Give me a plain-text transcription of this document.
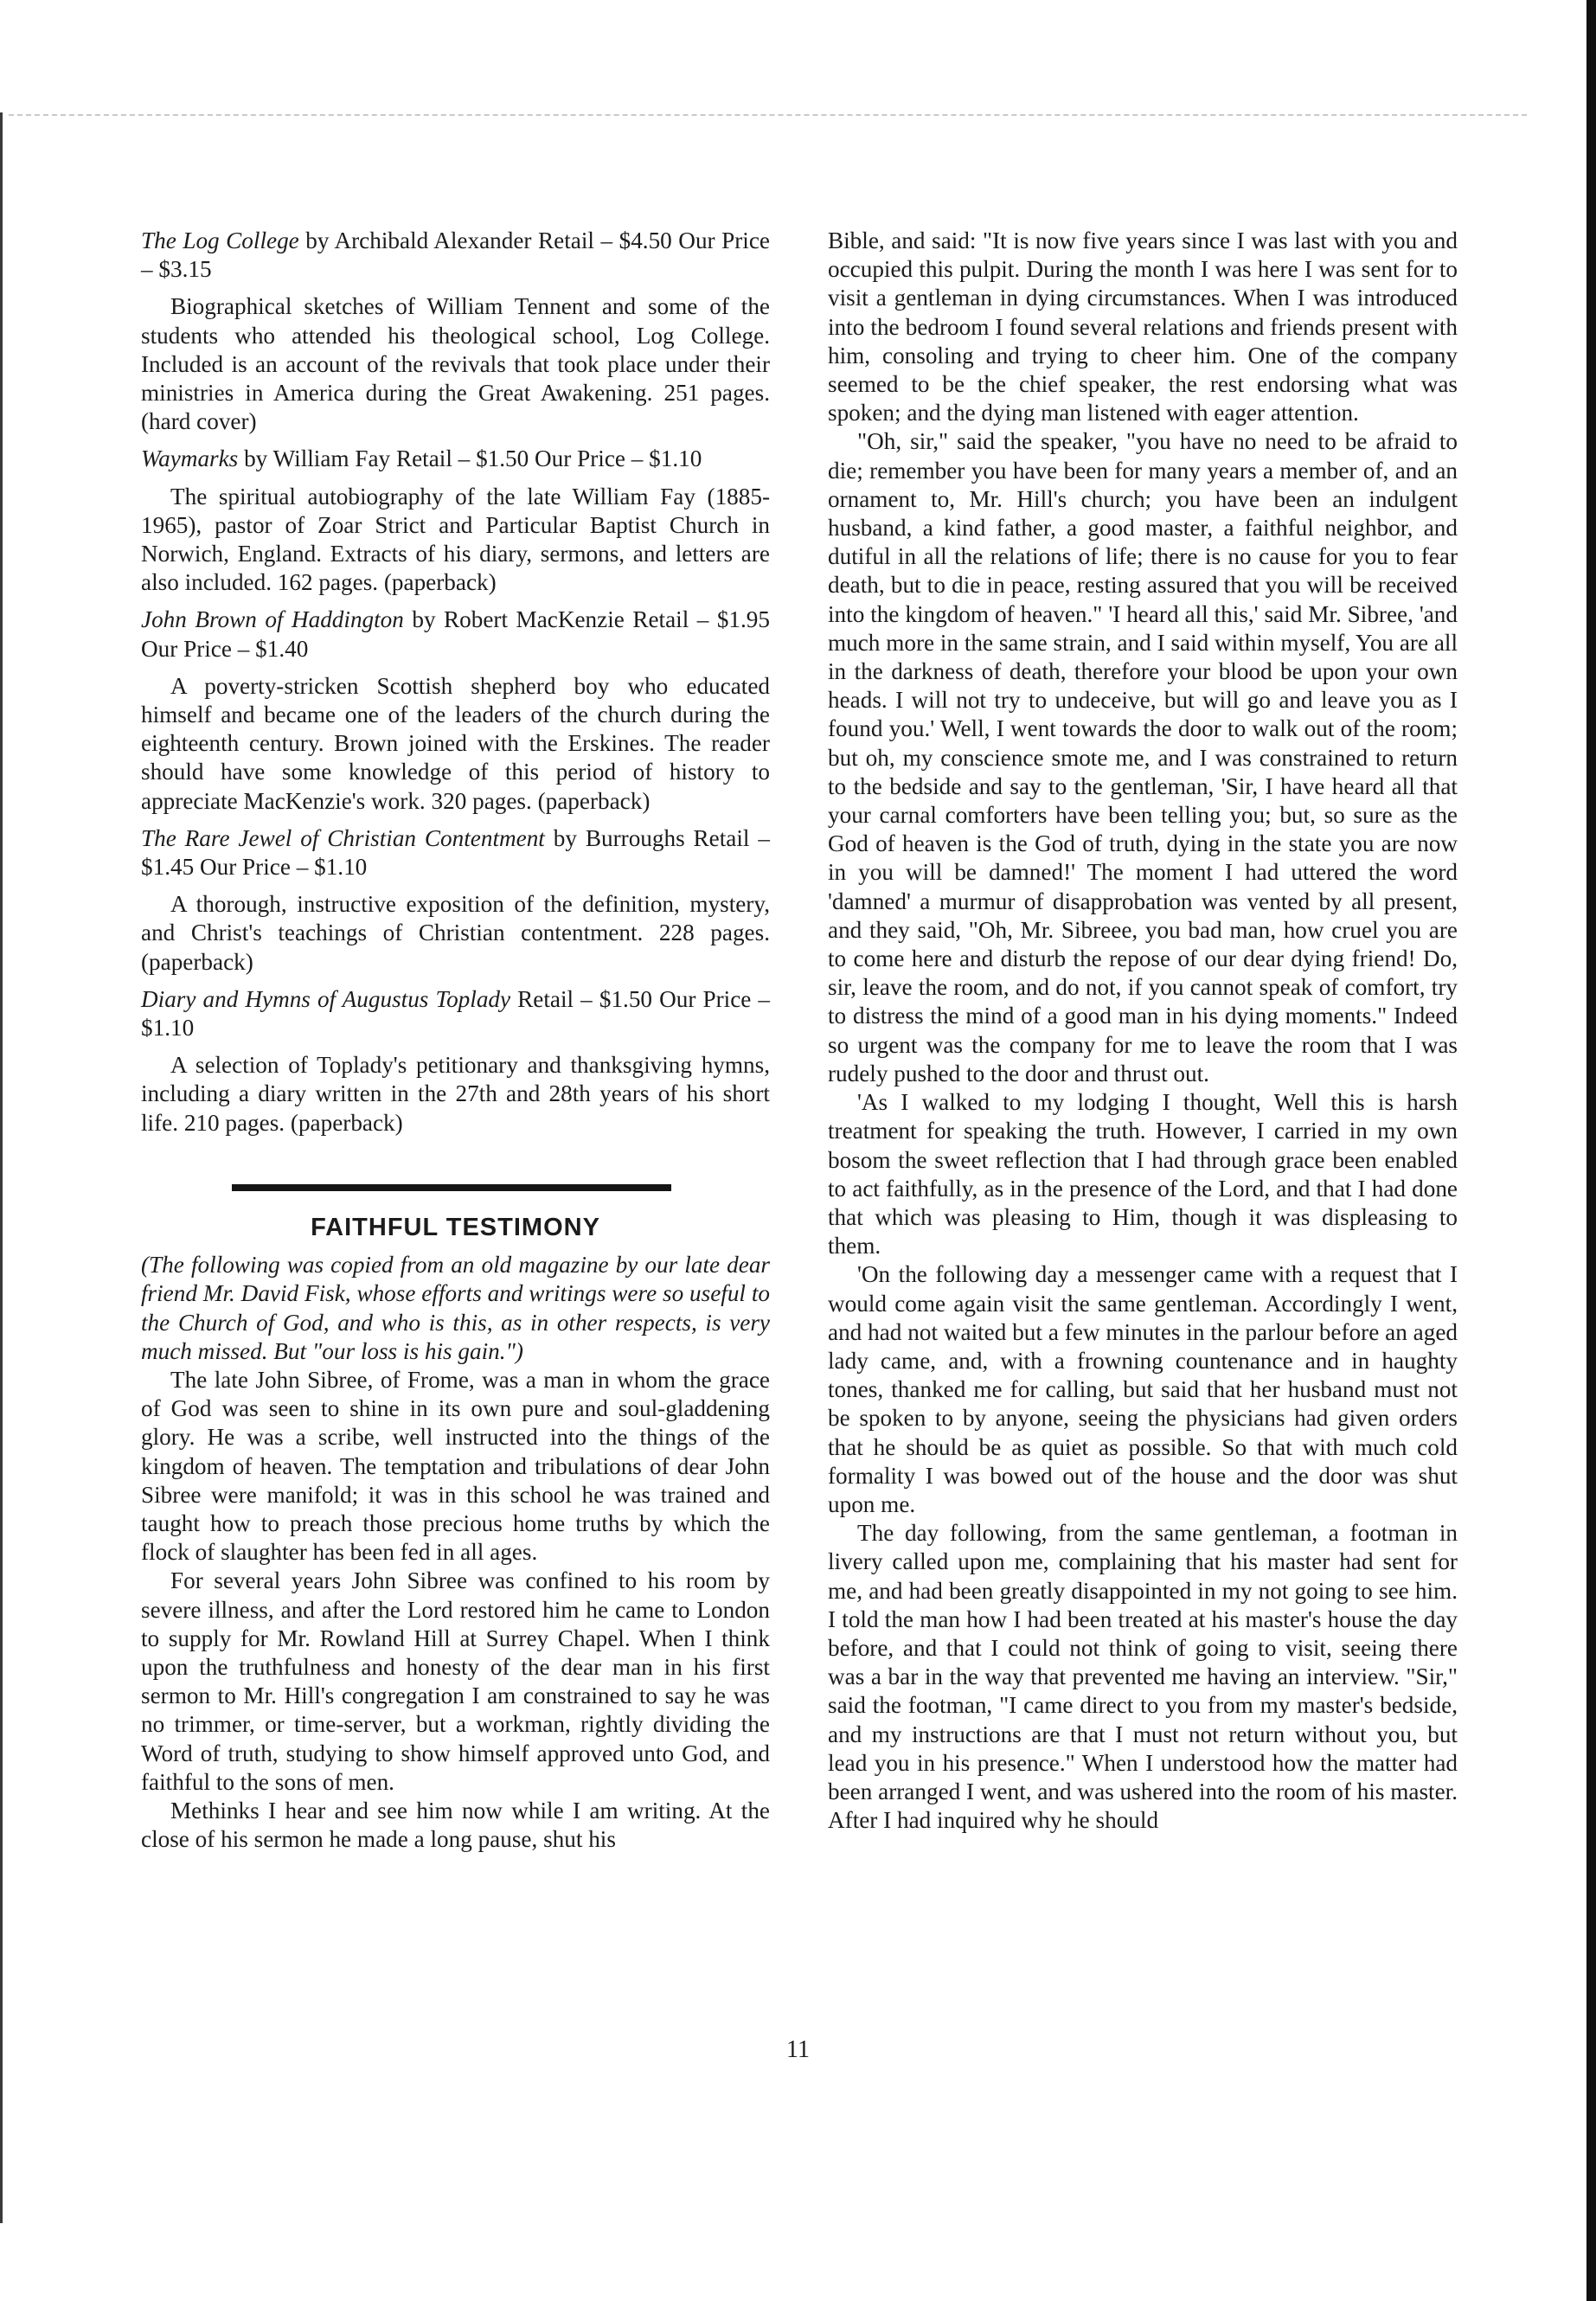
The Log College by Archibald Alexander Retail – $4.50 Our Price – $3.15

Biographical sketches of William Tennent and some of the students who attended his theological school, Log College. Included is an account of the revivals that took place under their ministries in America during the Great Awakening. 251 pages. (hard cover)

Waymarks by William Fay Retail – $1.50 Our Price – $1.10

The spiritual autobiography of the late William Fay (1885-1965), pastor of Zoar Strict and Particular Baptist Church in Norwich, England. Extracts of his diary, sermons, and letters are also included. 162 pages. (paperback)

John Brown of Haddington by Robert MacKenzie Retail – $1.95 Our Price – $1.40

A poverty-stricken Scottish shepherd boy who educated himself and became one of the leaders of the church during the eighteenth century. Brown joined with the Erskines. The reader should have some knowledge of this period of history to appreciate MacKenzie's work. 320 pages. (paperback)

The Rare Jewel of Christian Contentment by Burroughs Retail – $1.45 Our Price – $1.10

A thorough, instructive exposition of the definition, mystery, and Christ's teachings of Christian contentment. 228 pages. (paperback)

Diary and Hymns of Augustus Toplady Retail – $1.50 Our Price – $1.10

A selection of Toplady's petitionary and thanksgiving hymns, including a diary written in the 27th and 28th years of his short life. 210 pages. (paperback)

FAITHFUL TESTIMONY

(The following was copied from an old magazine by our late dear friend Mr. David Fisk, whose efforts and writings were so useful to the Church of God, and who is this, as in other respects, is very much missed. But "our loss is his gain.")

The late John Sibree, of Frome, was a man in whom the grace of God was seen to shine in its own pure and soul-gladdening glory. He was a scribe, well instructed into the things of the kingdom of heaven. The temptation and tribulations of dear John Sibree were manifold; it was in this school he was trained and taught how to preach those precious home truths by which the flock of slaughter has been fed in all ages.

For several years John Sibree was confined to his room by severe illness, and after the Lord restored him he came to London to supply for Mr. Rowland Hill at Surrey Chapel. When I think upon the truthfulness and honesty of the dear man in his first sermon to Mr. Hill's congregation I am constrained to say he was no trimmer, or time-server, but a workman, rightly dividing the Word of truth, studying to show himself approved unto God, and faithful to the sons of men.

Methinks I hear and see him now while I am writing. At the close of his sermon he made a long pause, shut his

Bible, and said: "It is now five years since I was last with you and occupied this pulpit. During the month I was here I was sent for to visit a gentleman in dying circumstances. When I was introduced into the bedroom I found several relations and friends present with him, consoling and trying to cheer him. One of the company seemed to be the chief speaker, the rest endorsing what was spoken; and the dying man listened with eager attention.

"Oh, sir," said the speaker, "you have no need to be afraid to die; remember you have been for many years a member of, and an ornament to, Mr. Hill's church; you have been an indulgent husband, a kind father, a good master, a faithful neighbor, and dutiful in all the relations of life; there is no cause for you to fear death, but to die in peace, resting assured that you will be received into the kingdom of heaven." 'I heard all this,' said Mr. Sibree, 'and much more in the same strain, and I said within myself, You are all in the darkness of death, therefore your blood be upon your own heads. I will not try to undeceive, but will go and leave you as I found you.' Well, I went towards the door to walk out of the room; but oh, my conscience smote me, and I was constrained to return to the bedside and say to the gentleman, 'Sir, I have heard all that your carnal comforters have been telling you; but, so sure as the God of heaven is the God of truth, dying in the state you are now in you will be damned!' The moment I had uttered the word 'damned' a murmur of disapprobation was vented by all present, and they said, "Oh, Mr. Sibreee, you bad man, how cruel you are to come here and disturb the repose of our dear dying friend! Do, sir, leave the room, and do not, if you cannot speak of comfort, try to distress the mind of a good man in his dying moments." Indeed so urgent was the company for me to leave the room that I was rudely pushed to the door and thrust out.

'As I walked to my lodging I thought, Well this is harsh treatment for speaking the truth. However, I carried in my own bosom the sweet reflection that I had through grace been enabled to act faithfully, as in the presence of the Lord, and that I had done that which was pleasing to Him, though it was displeasing to them.

'On the following day a messenger came with a request that I would come again visit the same gentleman. Accordingly I went, and had not waited but a few minutes in the parlour before an aged lady came, and, with a frowning countenance and in haughty tones, thanked me for calling, but said that her husband must not be spoken to by anyone, seeing the physicians had given orders that he should be as quiet as possible. So that with much cold formality I was bowed out of the house and the door was shut upon me.

The day following, from the same gentleman, a footman in livery called upon me, complaining that his master had sent for me, and had been greatly disappointed in my not going to see him. I told the man how I had been treated at his master's house the day before, and that I could not think of going to visit, seeing there was a bar in the way that prevented me having an interview. "Sir," said the footman, "I came direct to you from my master's bedside, and my instructions are that I must not return without you, but lead you in his presence." When I understood how the matter had been arranged I went, and was ushered into the room of his master. After I had inquired why he should

11
